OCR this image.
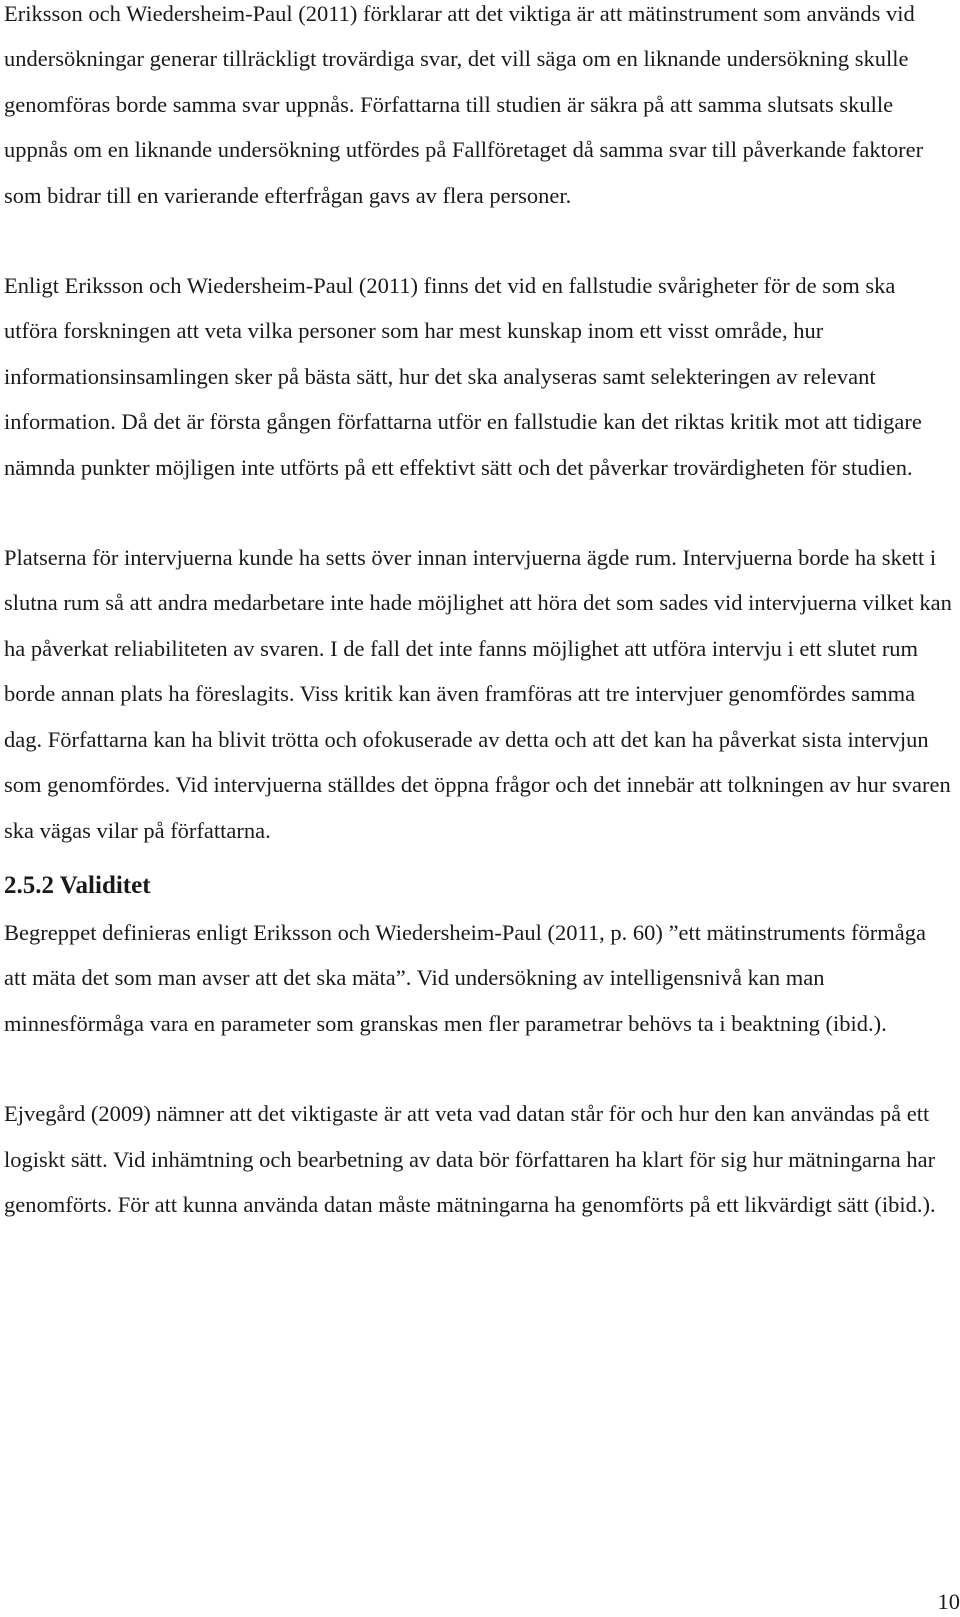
Eriksson och Wiedersheim-Paul (2011) förklarar att det viktiga är att mätinstrument som används vid undersökningar generar tillräckligt trovärdiga svar, det vill säga om en liknande undersökning skulle genomföras borde samma svar uppnås. Författarna till studien är säkra på att samma slutsats skulle uppnås om en liknande undersökning utfördes på Fallföretaget då samma svar till påverkande faktorer som bidrar till en varierande efterfrågan gavs av flera personer.

Enligt Eriksson och Wiedersheim-Paul (2011) finns det vid en fallstudie svårigheter för de som ska utföra forskningen att veta vilka personer som har mest kunskap inom ett visst område, hur informationsinsamlingen sker på bästa sätt, hur det ska analyseras samt selekteringen av relevant information. Då det är första gången författarna utför en fallstudie kan det riktas kritik mot att tidigare nämnda punkter möjligen inte utförts på ett effektivt sätt och det påverkar trovärdigheten för studien.

Platserna för intervjuerna kunde ha setts över innan intervjuerna ägde rum. Intervjuerna borde ha skett i slutna rum så att andra medarbetare inte hade möjlighet att höra det som sades vid intervjuerna vilket kan ha påverkat reliabiliteten av svaren. I de fall det inte fanns möjlighet att utföra intervju i ett slutet rum borde annan plats ha föreslagits. Viss kritik kan även framföras att tre intervjuer genomfördes samma dag. Författarna kan ha blivit trötta och ofokuserade av detta och att det kan ha påverkat sista intervjun som genomfördes. Vid intervjuerna ställdes det öppna frågor och det innebär att tolkningen av hur svaren ska vägas vilar på författarna.

2.5.2 Validitet

Begreppet definieras enligt Eriksson och Wiedersheim-Paul (2011, p. 60) ”ett mätinstruments förmåga att mäta det som man avser att det ska mäta”. Vid undersökning av intelligensnivå kan man minnesförmåga vara en parameter som granskas men fler parametrar behövs ta i beaktning (ibid.).

Ejvegård (2009) nämner att det viktigaste är att veta vad datan står för och hur den kan användas på ett logiskt sätt. Vid inhämtning och bearbetning av data bör författaren ha klart för sig hur mätningarna har genomförts. För att kunna använda datan måste mätningarna ha genomförts på ett likvärdigt sätt (ibid.).

10
